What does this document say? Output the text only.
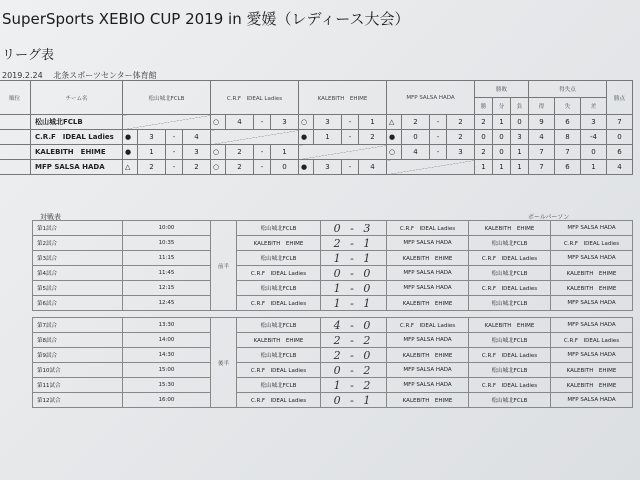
SuperSports XEBIO CUP 2019 in 愛媛（レディース大会）
リーグ表
2019.2.24 北条スポーツセンター体育館
順位	チーム名	松山城北FCLB				C.R.F　IDEAL Ladies				KALEBITH　EHIME				MFP SALSA HADA				勝敗			得失点			勝点
																		勝	分	負	得	失	差	
	松山城北FCLB					○	4	-	3	○	3	-	1	△	2	-	2	2	1	0	9	6	3	7
	C.R.F　IDEAL Ladies	●	3	-	4					●	1	-	2	●	0	-	2	0	0	3	4	8	-4	0
	KALEBITH　EHIME	●	1	-	3	○	2	-	1					○	4	-	3	2	0	1	7	7	0	6
	MFP SALSA HADA	△	2	-	2	○	2	-	0	●	3	-	4					1	1	1	7	6	1	4
対戦表	ボールパーソン
第1試合	10:00	前半	松山城北FCLB	0 - 3	C.R.F　IDEAL Ladies	KALEBITH　EHIME	MFP SALSA HADA
第2試合	10:35		KALEBITH　EHIME	2 - 1	MFP SALSA HADA	松山城北FCLB	C.R.F　IDEAL Ladies
第3試合	11:15		松山城北FCLB	1 - 1	KALEBITH　EHIME	C.R.F　IDEAL Ladies	MFP SALSA HADA
第4試合	11:45		C.R.F　IDEAL Ladies	0 - 0	MFP SALSA HADA	松山城北FCLB	KALEBITH　EHIME
第5試合	12:15		松山城北FCLB	1 - 0	MFP SALSA HADA	C.R.F　IDEAL Ladies	KALEBITH　EHIME
第6試合	12:45		C.R.F　IDEAL Ladies	1 - 1	KALEBITH　EHIME	松山城北FCLB	MFP SALSA HADA

第7試合	13:30	後半	松山城北FCLB	4 - 0	C.R.F　IDEAL Ladies	KALEBITH　EHIME	MFP SALSA HADA
第8試合	14:00		KALEBITH　EHIME	2 - 2	MFP SALSA HADA	松山城北FCLB	C.R.F　IDEAL Ladies
第9試合	14:30		松山城北FCLB	2 - 0	KALEBITH　EHIME	C.R.F　IDEAL Ladies	MFP SALSA HADA
第10試合	15:00		C.R.F　IDEAL Ladies	0 - 2	MFP SALSA HADA	松山城北FCLB	KALEBITH　EHIME
第11試合	15:30		松山城北FCLB	1 - 2	MFP SALSA HADA	C.R.F　IDEAL Ladies	KALEBITH　EHIME
第12試合	16:00		C.R.F　IDEAL Ladies	0 - 1	KALEBITH　EHIME	松山城北FCLB	MFP SALSA HADA
